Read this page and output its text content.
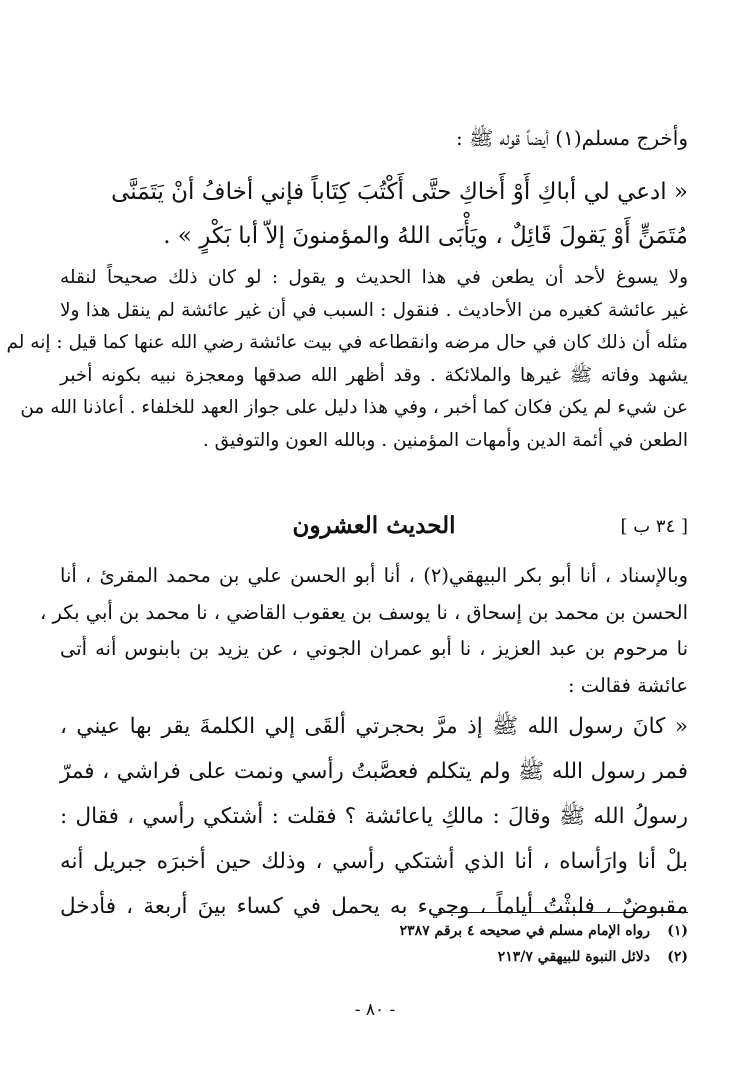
وأخرج مسلم(١) أيضاً قوله ﷺ :
« ادعي لي أباكِ أَوْ أَخاكِ حتَّى أَكْتُبَ كِتَاباً فإني أخافُ أنْ يَتَمَنَّى
مُتَمَنٍّ أَوْ يَقولَ قَائِلٌ ، ويَأْبَى اللهُ والمؤمنونَ إلاّ أبا بَكْرٍ » .
ولا يسوغ لأحد أن يطعن في هذا الحديث و يقول : لو كان ذلك صحيحاً لنقله
غير عائشة كغيره من الأحاديث . فنقول : السبب في أن غير عائشة لم ينقل هذا ولا
مثله أن ذلك كان في حال مرضه وانقطاعه في بيت عائشة رضي الله عنها كما قيل : إنه لم
يشهد وفاته ﷺ غيرها والملائكة . وقد أظهر الله صدقها ومعجزة نبيه بكونه أخبر
عن شيء لم يكن فكان كما أخبر ، وفي هذا دليل على جواز العهد للخلفاء . أعاذنا الله من
الطعن في أئمة الدين وأمهات المؤمنين . وبالله العون والتوفيق .
[ ٣٤ ب ]
الحديث العشرون
وبالإسناد ، أنا أبو بكر البيهقي(٢) ، أنا أبو الحسن علي بن محمد المقرئ ، أنا
الحسن بن محمد بن إسحاق ، نا يوسف بن يعقوب القاضي ، نا محمد بن أبي بكر ،
نا مرحوم بن عبد العزيز ، نا أبو عمران الجوني ، عن يزيد بن بابنوس أنه أتى
عائشة فقالت :
« كانَ رسول الله ﷺ إذ مرَّ بحجرتي ألقَى إلي الكلمةَ يقر بها عيني ،
فمر رسول الله ﷺ ولم يتكلم فعصَّبتُ رأسي ونمت على فراشي ، فمرّ
رسولُ الله ﷺ وقالَ : مالكِ ياعائشة ؟ فقلت : أشتكي رأسي ، فقال :
بلْ أنا وارَأساه ، أنا الذي أشتكي رأسي ، وذلك حين أخبرَه جبريل أنه
مقبوضٌ ، فلبثْتُ أياماً ، وجيء به يحمل في كساء بينَ أربعة ، فأدخل
(١)
رواه الإمام مسلم في صحيحه ٤ برقم ٢٣٨٧
(٢)
دلائل النبوة للبيهقي ٢١٣/٧
- ٨٠ -
